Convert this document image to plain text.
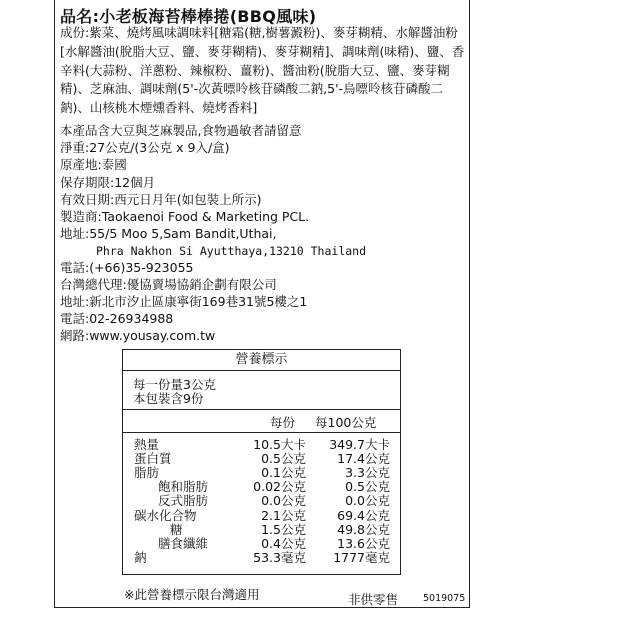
品名:小老板海苔棒棒捲(BBQ風味)

成份:紫菜、燒烤風味調味料[糖霜(糖,樹薯澱粉)、麥芽糊精、水解醬油粉[水解醬油(脫脂大豆、鹽、麥芽糊精)、麥芽糊精]、調味劑(味精)、鹽、香辛料(大蒜粉、洋蔥粉、辣椒粉、薑粉)、醬油粉(脫脂大豆、鹽、麥芽糊精)、芝麻油、調味劑(5'-次黃嘌呤核苷磷酸二鈉,5'-烏嘌呤核苷磷酸二鈉)、山核桃木煙燻香料、燒烤香料]

本產品含大豆與芝麻製品,食物過敏者請留意
淨重:27公克/(3公克 x 9入/盒)
原產地:泰國
保存期限:12個月
有效日期:西元日月年(如包裝上所示)
製造商:Taokaenoi Food & Marketing PCL.
地址:55/5 Moo 5,Sam Bandit,Uthai,
Phra Nakhon Si Ayutthaya,13210 Thailand
電話:(+66)35-923055
台灣總代理:優協賣場協銷企劃有限公司
地址:新北市汐止區康寧街169巷31號5樓之1
電話:02-26934988
網路:www.yousay.com.tw
營養標示
每一份量3公克
本包裝含9份
每份 每100公克
熱量	10.5大卡	349.7大卡
蛋白質	0.5公克	17.4公克
脂肪	0.1公克	3.3公克
飽和脂肪	0.02公克	0.5公克
反式脂肪	0.0公克	0.0公克
碳水化合物	2.1公克	69.4公克
糖	1.5公克	49.8公克
膳食纖維	0.4公克	13.6公克
鈉	53.3毫克	1777毫克
※此營養標示限台灣適用	非供零售	5019075
